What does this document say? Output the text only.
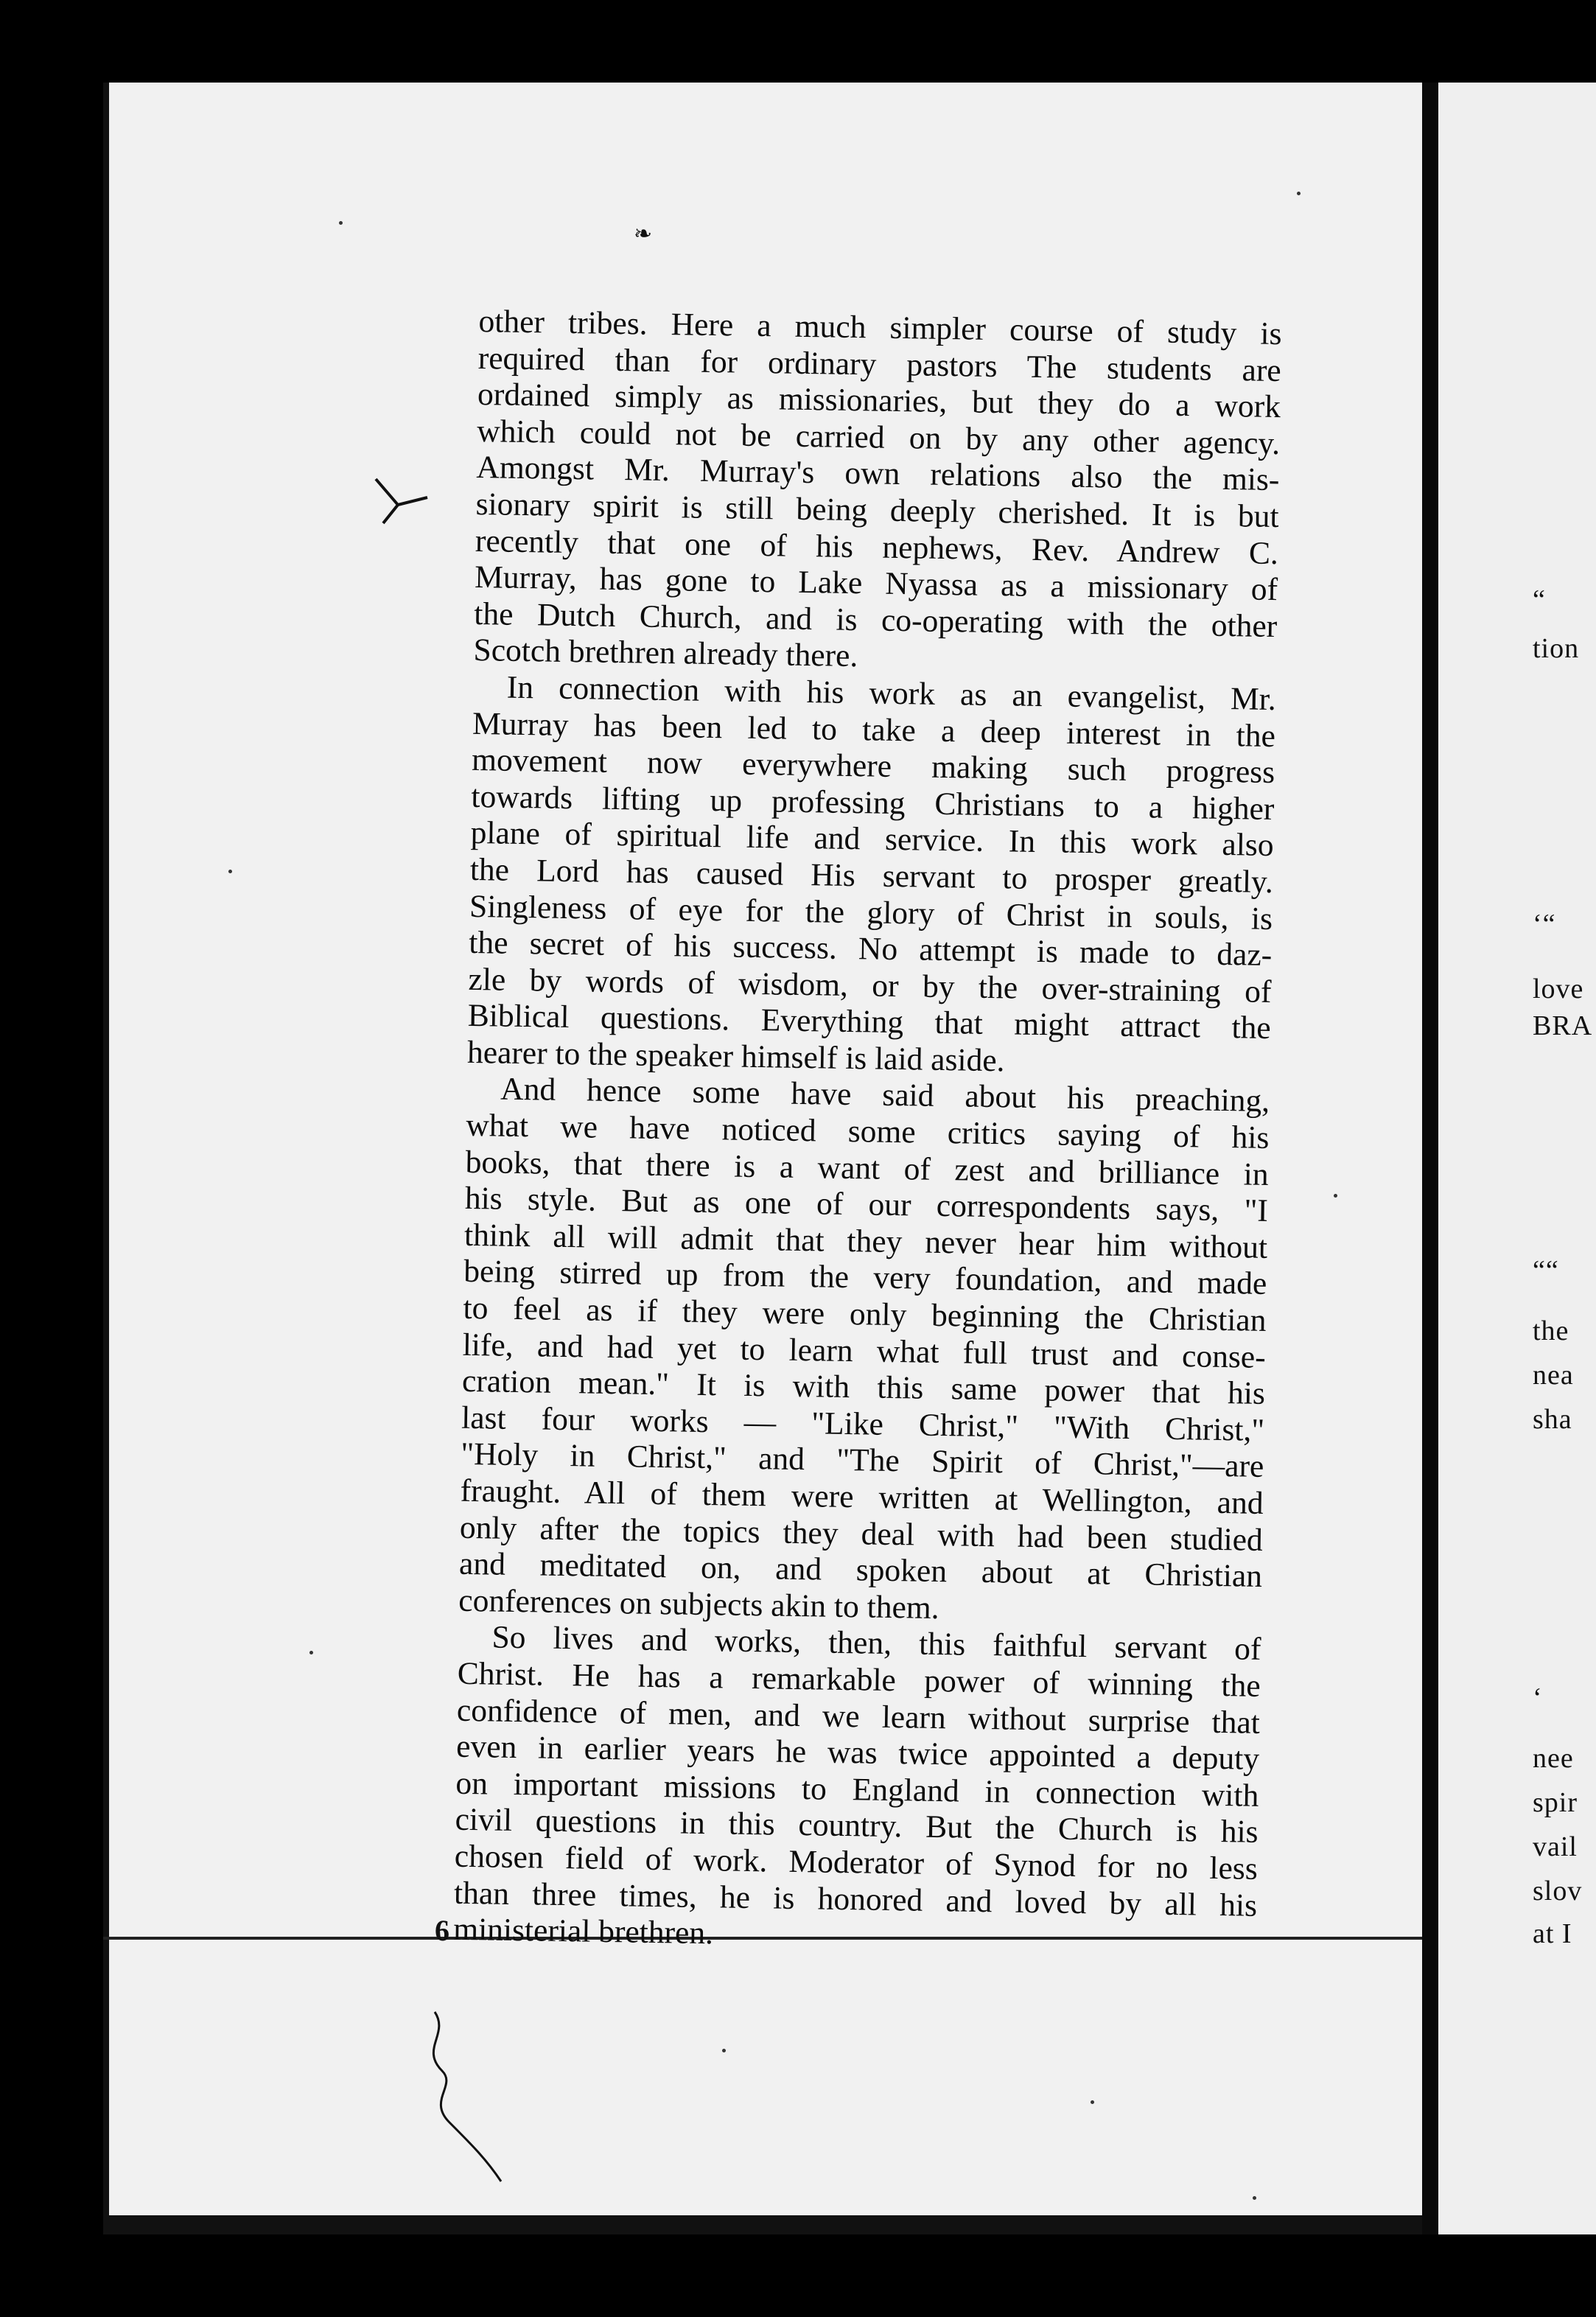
❧
“
tion
‘“
love
BRA
““
the
nea
sha
‘
nee
spir
vail
slov
at I
other tribes. Here a much simpler course of study is
required than for ordinary pastors The students are
ordained simply as missionaries, but they do a work
which could not be carried on by any other agency.
Amongst Mr. Murray's own relations also the mis-
sionary spirit is still being deeply cherished. It is but
recently that one of his nephews, Rev. Andrew C.
Murray, has gone to Lake Nyassa as a missionary of
the Dutch Church, and is co-operating with the other
Scotch brethren already there.
In connection with his work as an evangelist, Mr.
Murray has been led to take a deep interest in the
movement now everywhere making such progress
towards lifting up professing Christians to a higher
plane of spiritual life and service. In this work also
the Lord has caused His servant to prosper greatly.
Singleness of eye for the glory of Christ in souls, is
the secret of his success. No attempt is made to daz-
zle by words of wisdom, or by the over-straining of
Biblical questions. Everything that might attract the
hearer to the speaker himself is laid aside.
And hence some have said about his preaching,
what we have noticed some critics saying of his
books, that there is a want of zest and brilliance in
his style. But as one of our correspondents says, "I
think all will admit that they never hear him without
being stirred up from the very foundation, and made
to feel as if they were only beginning the Christian
life, and had yet to learn what full trust and conse-
cration mean." It is with this same power that his
last four works — "Like Christ," "With Christ,"
"Holy in Christ," and "The Spirit of Christ,"—are
fraught. All of them were written at Wellington, and
only after the topics they deal with had been studied
and meditated on, and spoken about at Christian
conferences on subjects akin to them.
So lives and works, then, this faithful servant of
Christ. He has a remarkable power of winning the
confidence of men, and we learn without surprise that
even in earlier years he was twice appointed a deputy
on important missions to England in connection with
civil questions in this country. But the Church is his
chosen field of work. Moderator of Synod for no less
than three times, he is honored and loved by all his
ministerial brethren.
6
